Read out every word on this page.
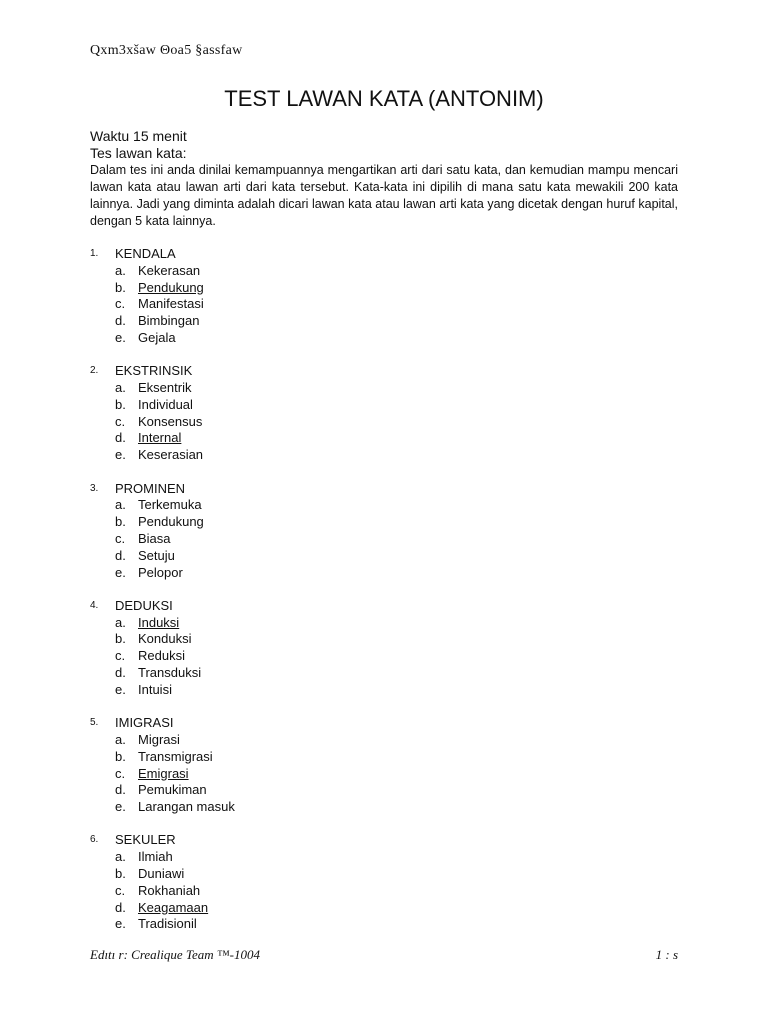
Qxm3xšaw Θoa5 §assfaw
TEST LAWAN KATA (ANTONIM)
Waktu 15 menit
Tes lawan kata:
Dalam tes ini anda dinilai kemampuannya mengartikan arti dari satu kata, dan kemudian mampu mencari lawan kata atau lawan arti dari kata tersebut. Kata-kata ini dipilih di mana satu kata mewakili 200 kata lainnya. Jadi yang diminta adalah dicari lawan kata atau lawan arti kata yang dicetak dengan huruf kapital, dengan 5 kata lainnya.
1.	KENDALA
a. Kekerasan
b. Pendukung
c. Manifestasi
d. Bimbingan
e. Gejala
2.	EKSTRINSIK
a. Eksentrik
b. Individual
c. Konsensus
d. Internal
e. Keserasian
3.	PROMINEN
a. Terkemuka
b. Pendukung
c. Biasa
d. Setuju
e. Pelopor
4.	DEDUKSI
a. Induksi
b. Konduksi
c. Reduksi
d. Transduksi
e. Intuisi
5.	IMIGRASI
a. Migrasi
b. Transmigrasi
c. Emigrasi
d. Pemukiman
e. Larangan masuk
6.	SEKULER
a. Ilmiah
b. Duniawi
c. Rokhaniah
d. Keagamaan
e. Tradisionil
Edıtı r: Crealique Team ™-1004	1 : s
